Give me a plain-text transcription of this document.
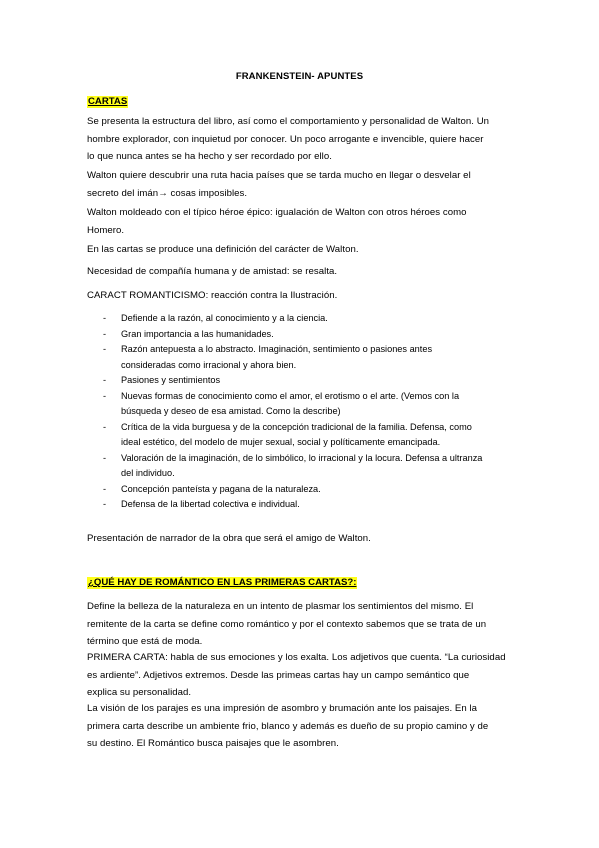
FRANKENSTEIN- APUNTES
CARTAS
Se presenta la estructura del libro, así como el comportamiento y personalidad de Walton. Un
hombre explorador, con inquietud por conocer. Un poco arrogante e invencible, quiere hacer
lo que nunca antes se ha hecho y ser recordado por ello.
Walton quiere descubrir una ruta hacia países que se tarda mucho en llegar o desvelar el
secreto del imán→ cosas imposibles.
Walton moldeado con el típico héroe épico: igualación de Walton con otros héroes como
Homero.
En las cartas se produce una definición del carácter de Walton.
Necesidad de compañía humana y de amistad: se resalta.
CARACT ROMANTICISMO: reacción contra la Ilustración.
- Defiende a la razón, al conocimiento y a la ciencia.
- Gran importancia a las humanidades.
- Razón antepuesta a lo abstracto. Imaginación, sentimiento o pasiones antes
consideradas como irracional y ahora bien.
- Pasiones y sentimientos
- Nuevas formas de conocimiento como el amor, el erotismo o el arte. (Vemos con la
búsqueda y deseo de esa amistad. Como la describe)
- Crítica de la vida burguesa y de la concepción tradicional de la familia. Defensa, como
ideal estético, del modelo de mujer sexual, social y políticamente emancipada.
- Valoración de la imaginación, de lo simbólico, lo irracional y la locura. Defensa a ultranza
del individuo.
- Concepción panteísta y pagana de la naturaleza.
- Defensa de la libertad colectiva e individual.
Presentación de narrador de la obra que será el amigo de Walton.
¿QUÉ HAY DE ROMÁNTICO EN LAS PRIMERAS CARTAS?:
Define la belleza de la naturaleza en un intento de plasmar los sentimientos del mismo. El
remitente de la carta se define como romántico y por el contexto sabemos que se trata de un
término que está de moda.
PRIMERA CARTA: habla de sus emociones y los exalta. Los adjetivos que cuenta. “La curiosidad
es ardiente”. Adjetivos extremos. Desde las primeas cartas hay un campo semántico que
explica su personalidad.
La visión de los parajes es una impresión de asombro y brumación ante los paisajes. En la
primera carta describe un ambiente frio, blanco y además es dueño de su propio camino y de
su destino. El Romántico busca paisajes que le asombren.
